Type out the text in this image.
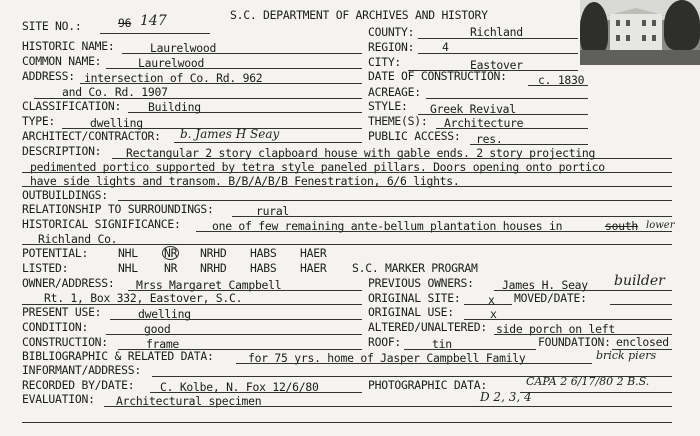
SITE NO.:	96 147	S.C. DEPARTMENT OF ARCHIVES AND HISTORY
COUNTY:	Richland
HISTORIC NAME:	Laurelwood	REGION: 4
COMMON NAME:	Laurelwood	CITY:	Eastover
ADDRESS: intersection of Co. Rd. 962	DATE OF CONSTRUCTION:	c. 1830
and Co. Rd. 1907	ACREAGE:
CLASSIFICATION: Building	STYLE: Greek Revival
TYPE:	dwelling	THEME(S): Architecture
ARCHITECT/CONTRACTOR: b. James H Seay	PUBLIC ACCESS: res.
DESCRIPTION: Rectangular 2 story clapboard house with gable ends. 2 story projecting
pedimented portico supported by tetra style paneled pillars. Doors opening onto portico
have side lights and transom. B/B/A/B/B Fenestration, 6/6 lights.
OUTBUILDINGS:
RELATIONSHIP TO SURROUNDINGS:	rural
HISTORICAL SIGNIFICANCE:	one of few remaining ante-bellum plantation houses in	south lower
Richland Co.
POTENTIAL:	NHL NR NRHD HABS HAER
LISTED:	NHL NR NRHD HABS HAER S.C. MARKER PROGRAM
OWNER/ADDRESS: Mrss Margaret Campbell	PREVIOUS OWNERS: James H. Seay builder
Rt. 1, Box 332, Eastover, S.C.	ORIGINAL SITE: x MOVED/DATE:
PRESENT USE:	dwelling	ORIGINAL USE:	x
CONDITION:	good	ALTERED/UNALTERED: side porch on left
CONSTRUCTION:	frame	ROOF:	tin	FOUNDATION: enclosed
brick piers
BIBLIOGRAPHIC & RELATED DATA:	for 75 yrs. home of Jasper Campbell Family
INFORMANT/ADDRESS:
RECORDED BY/DATE: C. Kolbe, N. Fox 12/6/80	PHOTOGRAPHIC DATA:	CAPA 2 6/17/80 2 B.S.
EVALUATION: Architectural specimen	D 2, 3, 4
